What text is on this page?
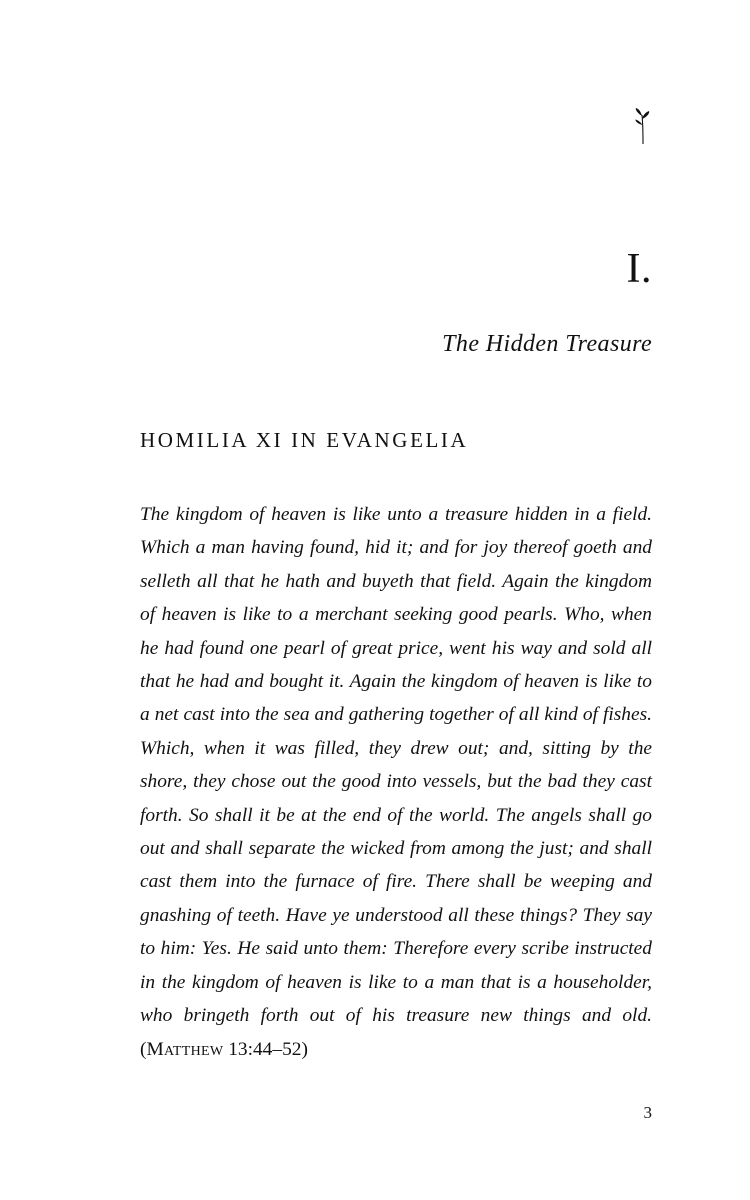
I.
The Hidden Treasure
HOMILIA XI IN EVANGELIA
The kingdom of heaven is like unto a treasure hidden in a field. Which a man having found, hid it; and for joy thereof goeth and selleth all that he hath and buyeth that field. Again the kingdom of heaven is like to a merchant seeking good pearls. Who, when he had found one pearl of great price, went his way and sold all that he had and bought it. Again the kingdom of heaven is like to a net cast into the sea and gathering together of all kind of fishes. Which, when it was filled, they drew out; and, sitting by the shore, they chose out the good into vessels, but the bad they cast forth. So shall it be at the end of the world. The angels shall go out and shall separate the wicked from among the just; and shall cast them into the furnace of fire. There shall be weeping and gnashing of teeth. Have ye understood all these things? They say to him: Yes. He said unto them: Therefore every scribe instructed in the kingdom of heaven is like to a man that is a householder, who bringeth forth out of his treasure new things and old. (Matthew 13:44–52)
3
